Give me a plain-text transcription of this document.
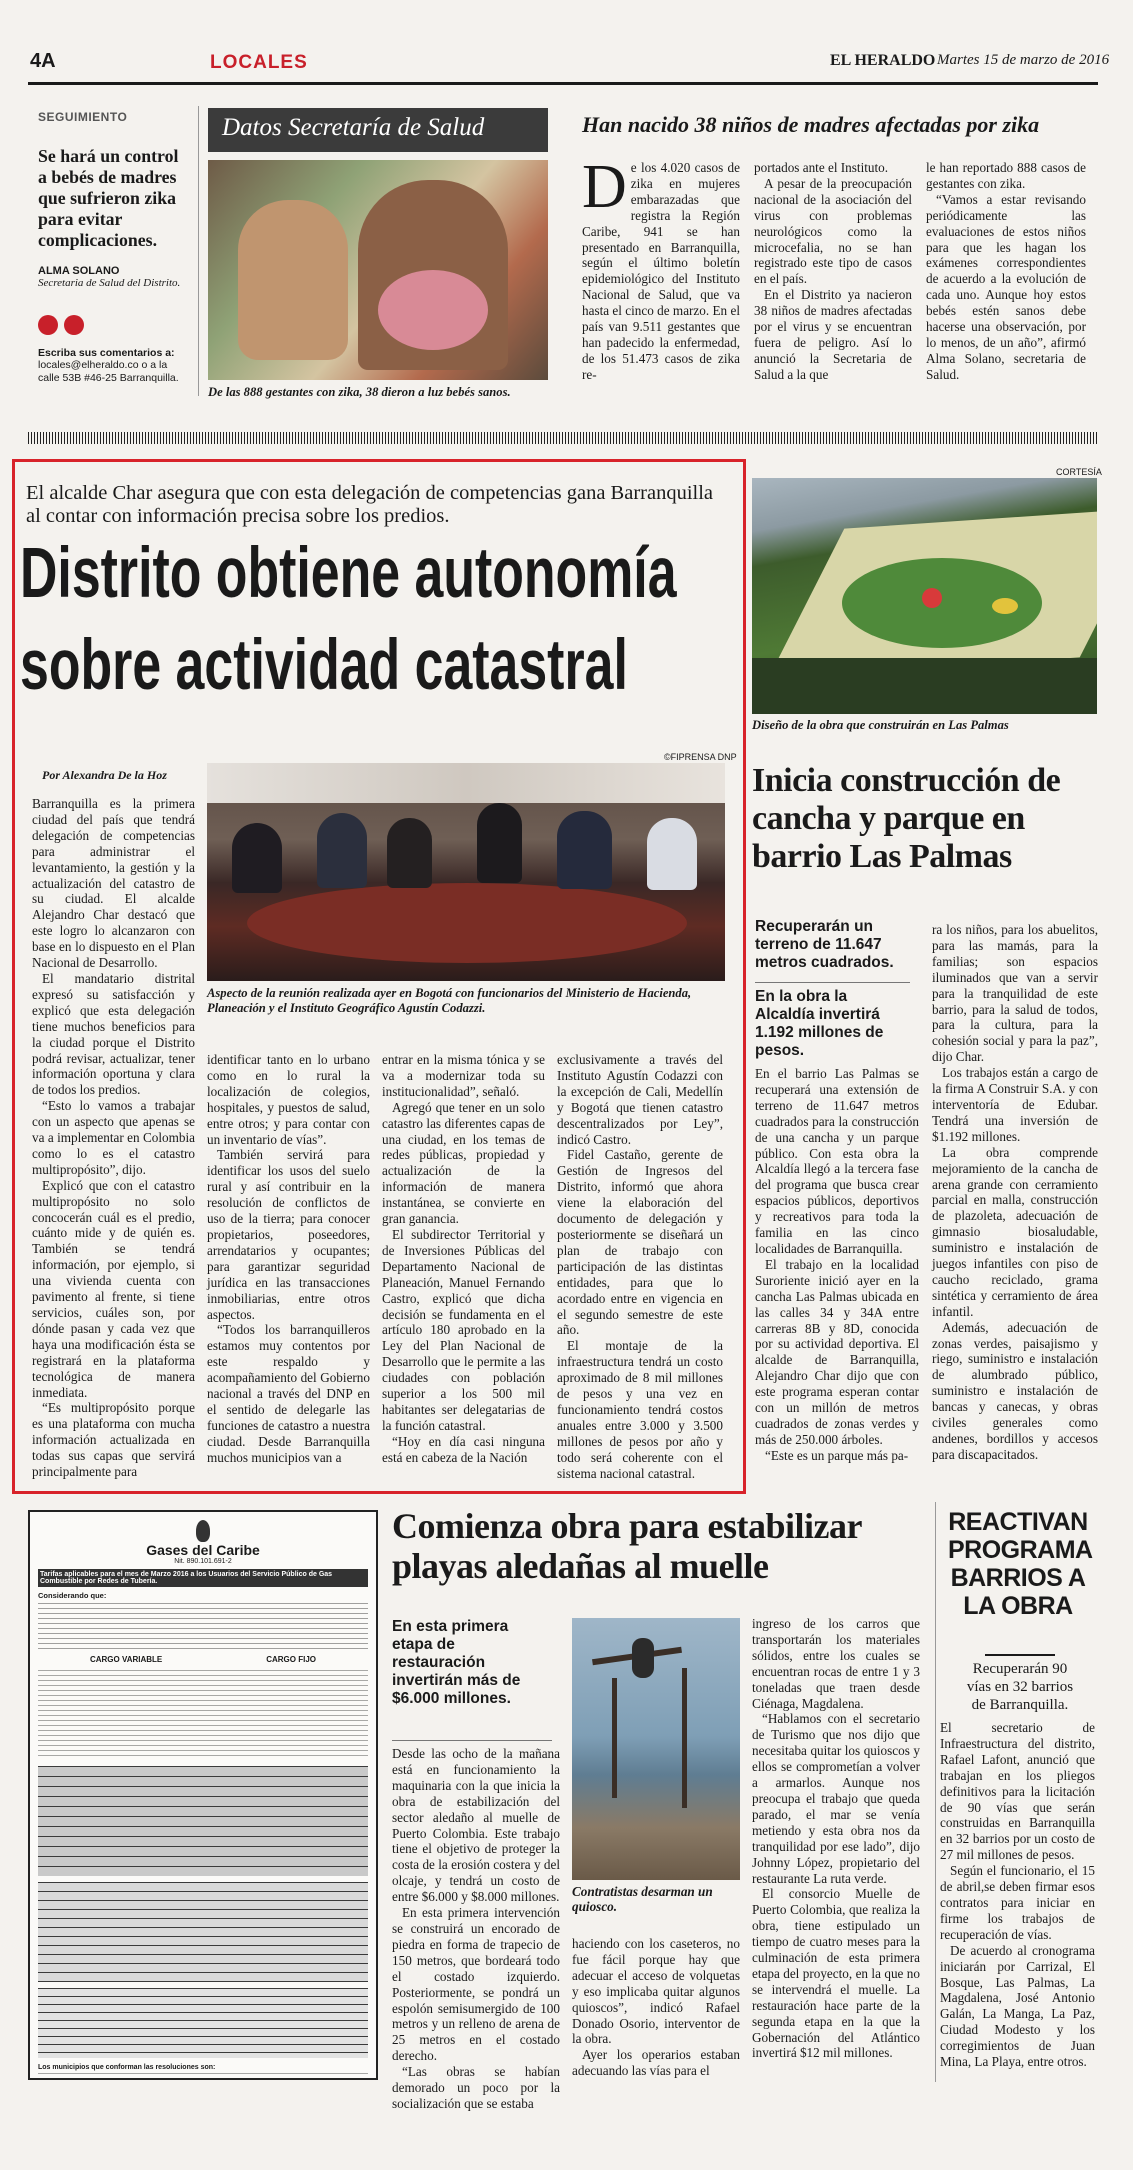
4A	LOCALES	EL HERALDO Martes 15 de marzo de 2016
SEGUIMIENTO
Se hará un control a bebés de madres que sufrieron zika para evitar complicaciones.
ALMA SOLANO
Secretaria de Salud del Distrito.
Escriba sus comentarios a:
locales@elheraldo.co o a la calle 53B #46-25 Barranquilla.
Datos Secretaría de Salud
De las 888 gestantes con zika, 38 dieron a luz bebés sanos.
Han nacido 38 niños de madres afectadas por zika
De los 4.020 casos de zika en mujeres embarazadas que registra la Región Caribe, 941 se han presentado en Barranquilla, según el último boletín epidemiológico del Instituto Nacional de Salud, que va hasta el cinco de marzo. En el país van 9.511 gestantes que han padecido la enfermedad, de los 51.473 casos de zika re-

portados ante el Instituto.

A pesar de la preocupación nacional de la asociación del virus con problemas neurológicos como la microcefalia, no se han registrado este tipo de casos en el país.

En el Distrito ya nacieron 38 niños de madres afectadas por el virus y se encuentran fuera de peligro. Así lo anunció la Secretaria de Salud a la que

le han reportado 888 casos de gestantes con zika.

“Vamos a estar revisando periódicamente las evaluaciones de estos niños para que les hagan los exámenes correspondientes de acuerdo a la evolución de cada uno. Aunque hoy estos bebés estén sanos debe hacerse una observación, por lo menos, de un año”, afirmó Alma Solano, secretaria de Salud.

El alcalde Char asegura que con esta delegación de competencias gana Barranquilla al contar con información precisa sobre los predios.
Distrito obtiene autonomía
sobre actividad catastral
Por Alexandra De la Hoz
©FIPRENSA DNP
Aspecto de la reunión realizada ayer en Bogotá con funcionarios del Ministerio de Hacienda, Planeación y el Instituto Geográfico Agustín Codazzi.

Barranquilla es la primera ciudad del país que tendrá delegación de competencias para administrar el levantamiento, la gestión y la actualización del catastro de su ciudad. El alcalde Alejandro Char destacó que este logro lo alcanzaron con base en lo dispuesto en el Plan Nacional de Desarrollo.

El mandatario distrital expresó su satisfacción y explicó que esta delegación tiene muchos beneficios para la ciudad porque el Distrito podrá revisar, actualizar, tener información oportuna y clara de todos los predios.

“Esto lo vamos a trabajar con un aspecto que apenas se va a implementar en Colombia como lo es el catastro multipropósito”, dijo.

Explicó que con el catastro multipropósito no solo concocerán cuál es el predio, cuánto mide y de quién es. También se tendrá información, por ejemplo, si una vivienda cuenta con pavimento al frente, si tiene servicios, cuáles son, por dónde pasan y cada vez que haya una modificación ésta se registrará en la plataforma tecnológica de manera inmediata.

“Es multipropósito porque es una plataforma con mucha información actualizada en todas sus capas que servirá principalmente para

identificar tanto en lo urbano como en lo rural la localización de colegios, hospitales, y puestos de salud, entre otros; y para contar con un inventario de vías”.

También servirá para identificar los usos del suelo rural y así contribuir en la resolución de conflictos de uso de la tierra; para conocer propietarios, poseedores, arrendatarios y ocupantes; para garantizar seguridad jurídica en las transacciones inmobiliarias, entre otros aspectos.

“Todos los barranquilleros estamos muy contentos por este respaldo y acompañamiento del Gobierno nacional a través del DNP en el sentido de delegarle las funciones de catastro a nuestra ciudad. Desde Barranquilla muchos municipios van a

entrar en la misma tónica y se va a modernizar toda su institucionalidad”, señaló.

Agregó que tener en un solo catastro las diferentes capas de una ciudad, en los temas de redes públicas, propiedad y actualización de la información de manera instantánea, se convierte en gran ganancia.

El subdirector Territorial y de Inversiones Públicas del Departamento Nacional de Planeación, Manuel Fernando Castro, explicó que dicha decisión se fundamenta en el artículo 180 aprobado en la Ley del Plan Nacional de Desarrollo que le permite a las ciudades con población superior a los 500 mil habitantes ser delegatarias de la función catastral.

“Hoy en día casi ninguna está en cabeza de la Nación

exclusivamente a través del Instituto Agustín Codazzi con la excepción de Cali, Medellín y Bogotá que tienen catastro descentralizados por Ley”, indicó Castro.

Fidel Castaño, gerente de Gestión de Ingresos del Distrito, informó que ahora viene la elaboración del documento de delegación y posteriormente se diseñará un plan de trabajo con participación de las distintas entidades, para que lo acordado entre en vigencia en el segundo semestre de este año.

El montaje de la infraestructura tendrá un costo aproximado de 8 mil millones de pesos y una vez en funcionamiento tendrá costos anuales entre 3.000 y 3.500 millones de pesos por año y todo será coherente con el sistema nacional catastral.

CORTESÍA
Diseño de la obra que construirán en Las Palmas
Inicia construcción de cancha y parque en barrio Las Palmas
Recuperarán un terreno de 11.647 metros cuadrados.
En la obra la Alcaldía invertirá 1.192 millones de pesos.

En el barrio Las Palmas se recuperará una extensión de terreno de 11.647 metros cuadrados para la construcción de una cancha y un parque público. Con esta obra la Alcaldía llegó a la tercera fase del programa que busca crear espacios públicos, deportivos y recreativos para toda la familia en las cinco localidades de Barranquilla.

El trabajo en la localidad Suroriente inició ayer en la cancha Las Palmas ubicada en las calles 34 y 34A entre carreras 8B y 8D, conocida por su actividad deportiva. El alcalde de Barranquilla, Alejandro Char dijo que con este programa esperan contar con un millón de metros cuadrados de zonas verdes y más de 250.000 árboles.

“Este es un parque más pa-

ra los niños, para los abuelitos, para las mamás, para la familias; son espacios iluminados que van a servir para la tranquilidad de este barrio, para la salud de todos, para la cultura, para la cohesión social y para la paz”, dijo Char.

Los trabajos están a cargo de la firma A Construir S.A. y con interventoría de Edubar. Tendrá una inversión de $1.192 millones.

La obra comprende mejoramiento de la cancha de arena grande con cerramiento parcial en malla, construcción de plazoleta, adecuación de gimnasio biosaludable, suministro e instalación de juegos infantiles con piso de caucho reciclado, grama sintética y cerramiento de área infantil.

Además, adecuación de zonas verdes, paisajismo y riego, suministro e instalación de alumbrado público, suministro e instalación de bancas y canecas, y obras civiles generales como andenes, bordillos y accesos para discapacitados.

Gases del Caribe
Nit. 890.101.691-2
Tarifas aplicables para el mes de Marzo 2016 a los Usuarios del Servicio Público de Gas Combustible por Redes de Tubería.
Considerando que:
CARGO VARIABLE	CARGO FIJO
Los municipios que conforman las resoluciones son:
Comienza obra para estabilizar playas aledañas al muelle
En esta primera etapa de restauración invertirán más de $6.000 millones.
Contratistas desarman un quiosco.

Desde las ocho de la mañana está en funcionamiento la maquinaria con la que inicia la obra de estabilización del sector aledaño al muelle de Puerto Colombia. Este trabajo tiene el objetivo de proteger la costa de la erosión costera y del olcaje, y tendrá un costo de entre $6.000 y $8.000 millones.

En esta primera intervención se construirá un encorado de piedra en forma de trapecio de 150 metros, que bordeará todo el costado izquierdo. Posteriormente, se pondrá un espolón semisumergido de 100 metros y un relleno de arena de 25 metros en el costado derecho.

“Las obras se habían demorado un poco por la socialización que se estaba

haciendo con los caseteros, no fue fácil porque hay que adecuar el acceso de volquetas y eso implicaba quitar algunos quioscos”, indicó Rafael Donado Osorio, interventor de la obra.

Ayer los operarios estaban adecuando las vías para el

ingreso de los carros que transportarán los materiales sólidos, entre los cuales se encuentran rocas de entre 1 y 3 toneladas que traen desde Ciénaga, Magdalena.

“Hablamos con el secretario de Turismo que nos dijo que necesitaba quitar los quioscos y ellos se comprometían a volver a armarlos. Aunque nos preocupa el trabajo que queda parado, el mar se venía metiendo y esta obra nos da tranquilidad por ese lado”, dijo Johnny López, propietario del restaurante La ruta verde.

El consorcio Muelle de Puerto Colombia, que realiza la obra, tiene estipulado un tiempo de cuatro meses para la culminación de esta primera etapa del proyecto, en la que no se intervendrá el muelle. La restauración hace parte de la segunda etapa en la que la Gobernación del Atlántico invertirá $12 mil millones.

REACTIVAN PROGRAMA BARRIOS A LA OBRA
Recuperarán 90 vías en 32 barrios de Barranquilla.

El secretario de Infraestructura del distrito, Rafael Lafont, anunció que trabajan en los pliegos definitivos para la licitación de 90 vías que serán construidas en Barranquilla en 32 barrios por un costo de 27 mil millones de pesos.

Según el funcionario, el 15 de abril,se deben firmar esos contratos para iniciar en firme los trabajos de recuperación de vías.

De acuerdo al cronograma iniciarán por Carrizal, El Bosque, Las Palmas, La Magdalena, José Antonio Galán, La Manga, La Paz, Ciudad Modesto y los corregimientos de Juan Mina, La Playa, entre otros.
